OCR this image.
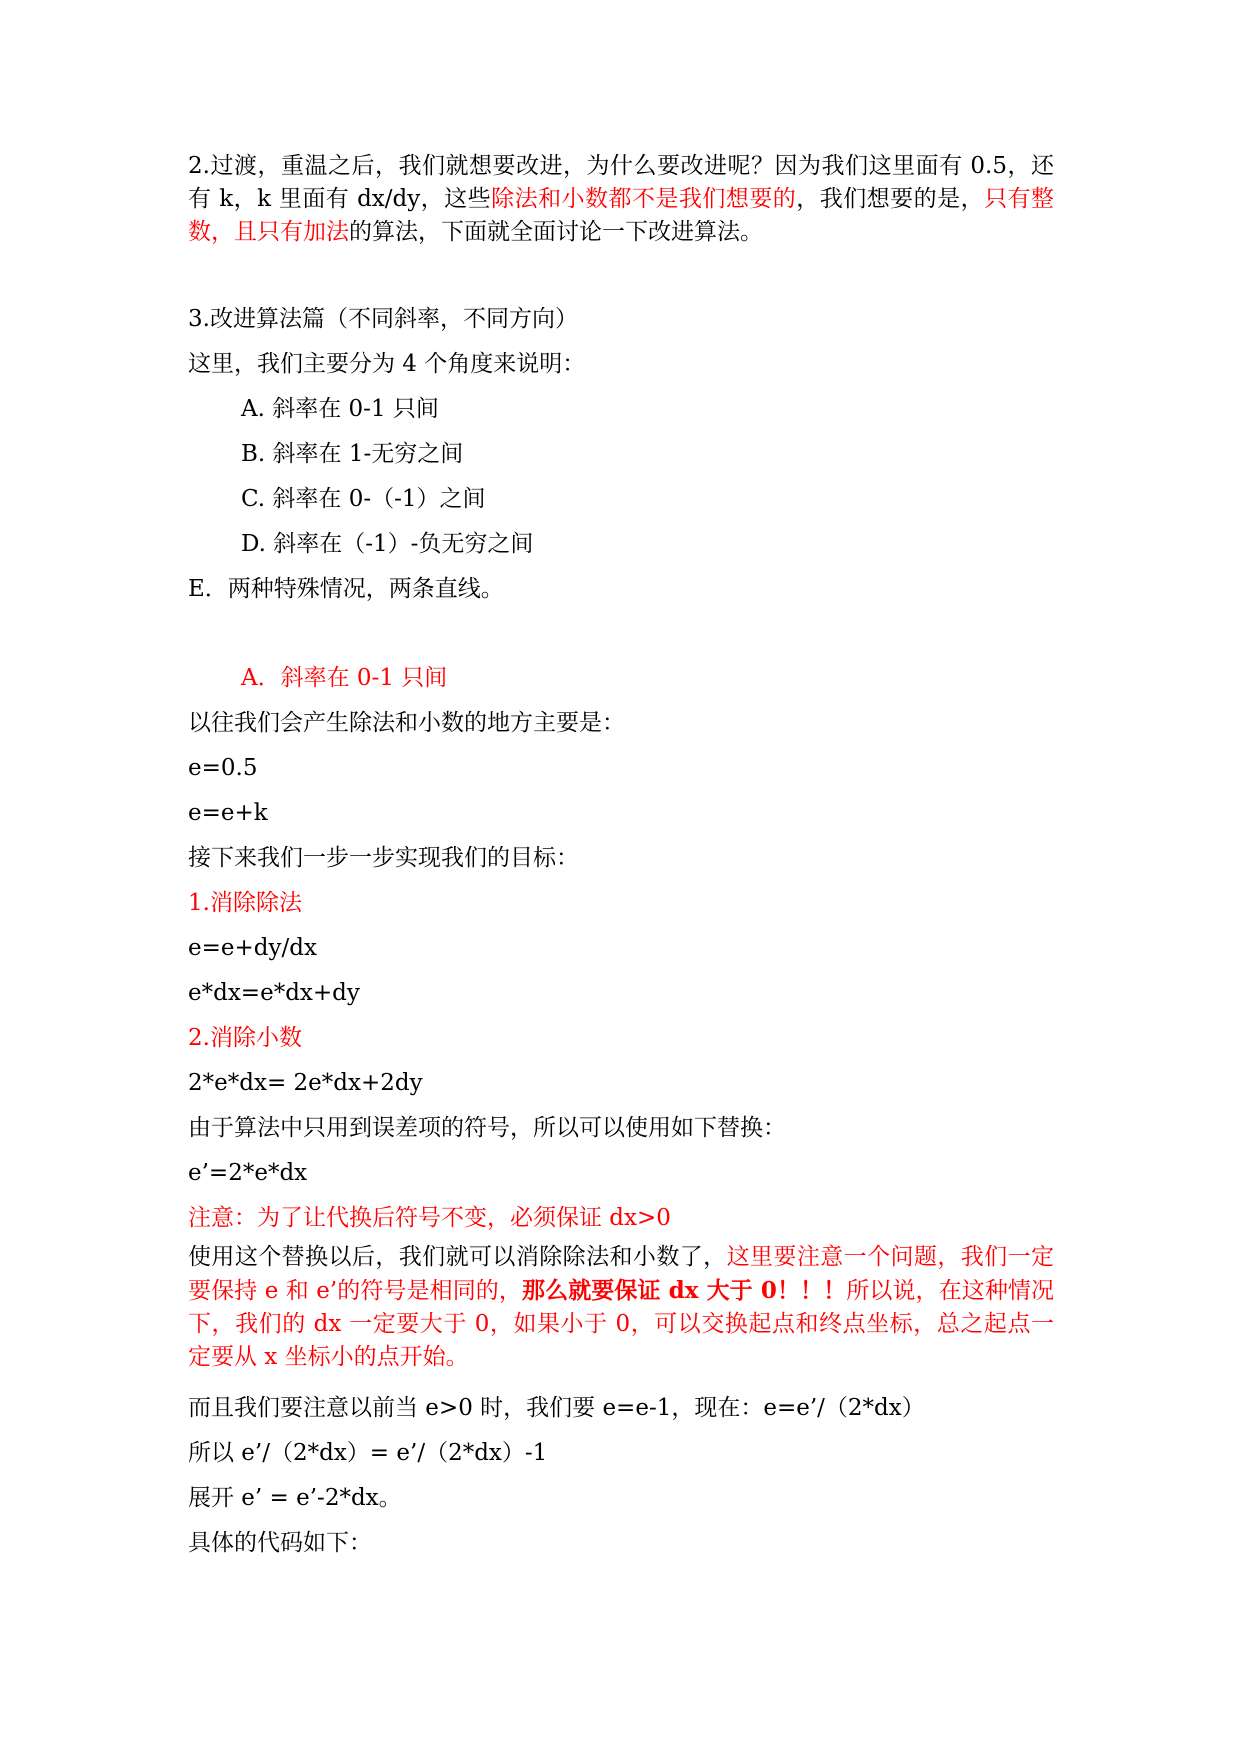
2.过渡，重温之后，我们就想要改进，为什么要改进呢？因为我们这里面有 0.5，还有 k，k 里面有 dx/dy，这些除法和小数都不是我们想要的，我们想要的是，只有整数，且只有加法的算法，下面就全面讨论一下改进算法。
3.改进算法篇（不同斜率，不同方向）
这里，我们主要分为 4 个角度来说明：
A. 斜率在 0-1 只间
B. 斜率在 1-无穷之间
C. 斜率在 0-（-1）之间
D. 斜率在（-1）-负无穷之间
E．两种特殊情况，两条直线。
A．斜率在 0-1 只间
以往我们会产生除法和小数的地方主要是：
e=0.5
e=e+k
接下来我们一步一步实现我们的目标：
1.消除除法
e=e+dy/dx
e*dx=e*dx+dy
2.消除小数
2*e*dx= 2e*dx+2dy
由于算法中只用到误差项的符号，所以可以使用如下替换：
e’=2*e*dx
注意：为了让代换后符号不变，必须保证 dx>0
使用这个替换以后，我们就可以消除除法和小数了，这里要注意一个问题，我们一定要保持 e 和 e’的符号是相同的，那么就要保证 dx 大于 0！！！所以说，在这种情况下，我们的 dx 一定要大于 0，如果小于 0，可以交换起点和终点坐标，总之起点一定要从 x 坐标小的点开始。
而且我们要注意以前当 e>0 时，我们要 e=e-1，现在：e=e’/（2*dx）
所以 e’/（2*dx）= e’/（2*dx）-1
展开 e’ = e’-2*dx。
具体的代码如下：
